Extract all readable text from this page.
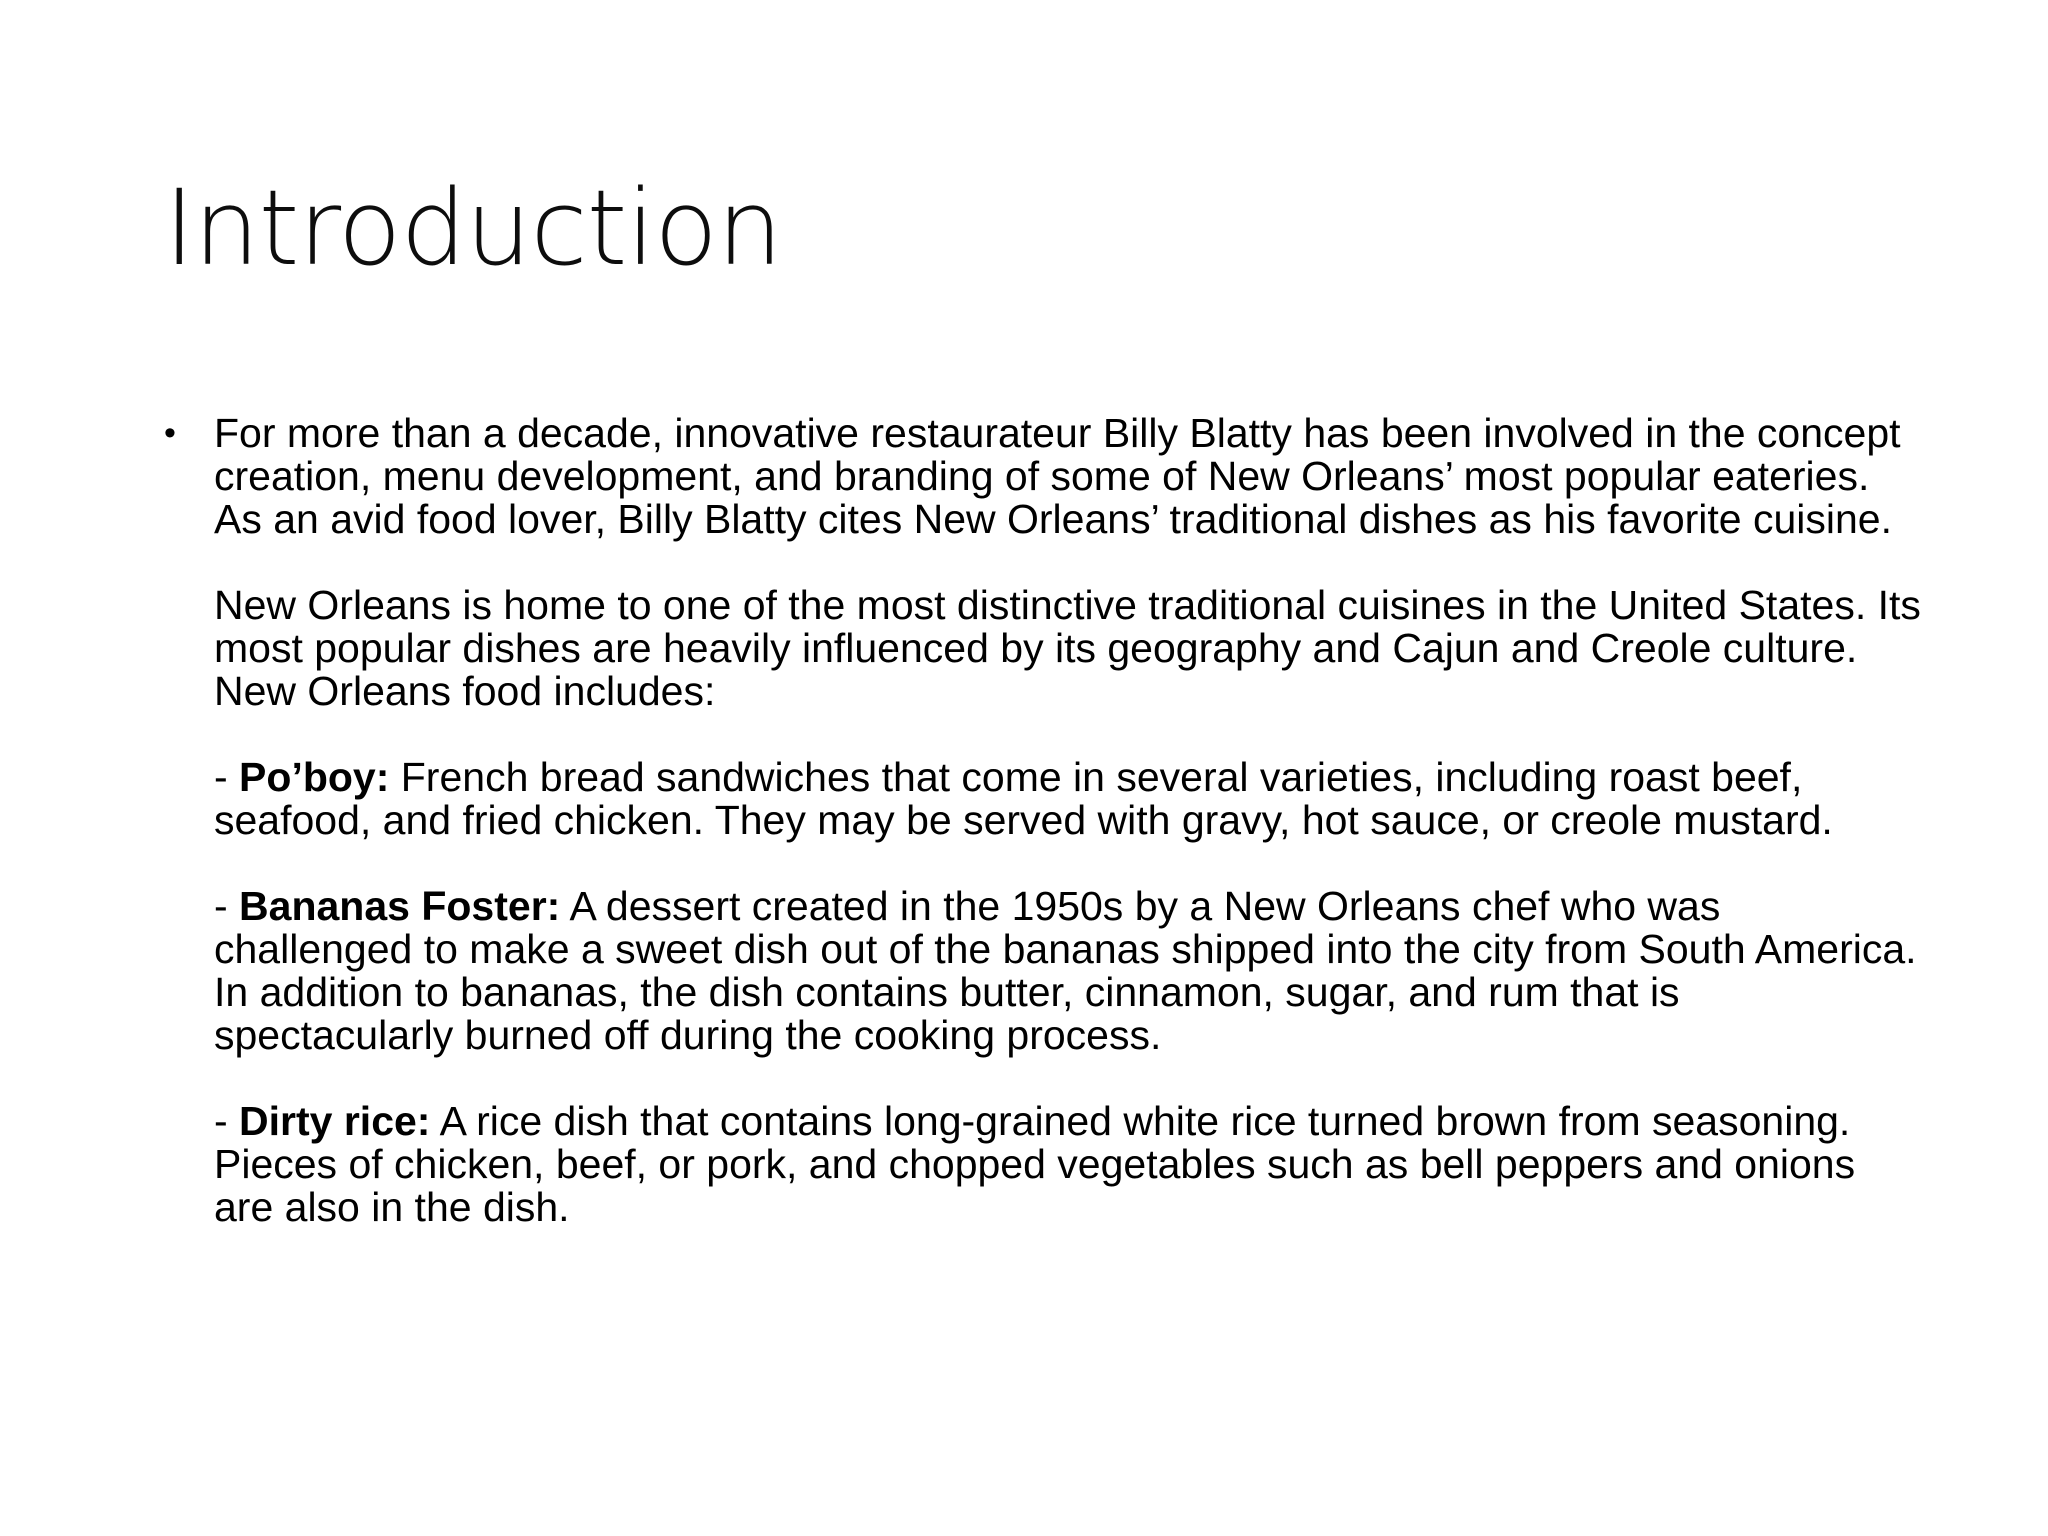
Introduction
• For more than a decade, innovative restaurateur Billy Blatty has been involved in the concept creation, menu development, and branding of some of New Orleans’ most popular eateries. As an avid food lover, Billy Blatty cites New Orleans’ traditional dishes as his favorite cuisine.

New Orleans is home to one of the most distinctive traditional cuisines in the United States. Its most popular dishes are heavily influenced by its geography and Cajun and Creole culture. New Orleans food includes:

- Po’boy: French bread sandwiches that come in several varieties, including roast beef, seafood, and fried chicken. They may be served with gravy, hot sauce, or creole mustard.

- Bananas Foster: A dessert created in the 1950s by a New Orleans chef who was challenged to make a sweet dish out of the bananas shipped into the city from South America. In addition to bananas, the dish contains butter, cinnamon, sugar, and rum that is spectacularly burned off during the cooking process.

- Dirty rice: A rice dish that contains long-grained white rice turned brown from seasoning. Pieces of chicken, beef, or pork, and chopped vegetables such as bell peppers and onions are also in the dish.
